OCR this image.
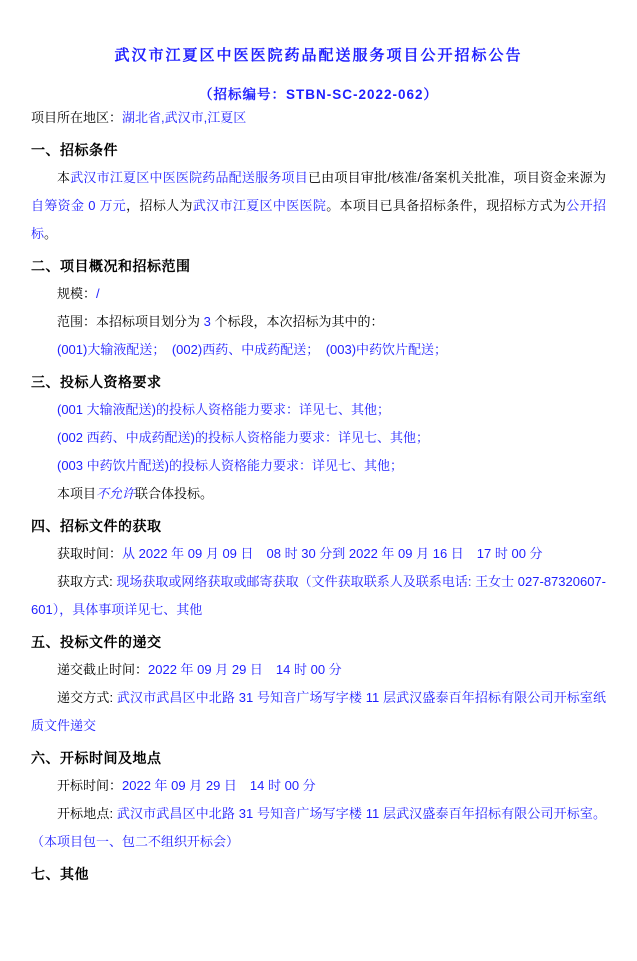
武汉市江夏区中医医院药品配送服务项目公开招标公告

（招标编号：STBN-SC-2022-062）

项目所在地区：湖北省,武汉市,江夏区

一、招标条件

本武汉市江夏区中医医院药品配送服务项目已由项目审批/核准/备案机关批准，项目资金来源为自筹资金 0 万元，招标人为武汉市江夏区中医医院。本项目已具备招标条件，现招标方式为公开招标。

二、项目概况和招标范围

规模：/

范围：本招标项目划分为 3 个标段，本次招标为其中的：

(001)大输液配送；　(002)西药、中成药配送；　(003)中药饮片配送；

三、投标人资格要求

(001 大输液配送)的投标人资格能力要求：详见七、其他；

(002 西药、中成药配送)的投标人资格能力要求：详见七、其他；

(003 中药饮片配送)的投标人资格能力要求：详见七、其他；

本项目不允许联合体投标。

四、招标文件的获取

获取时间：从 2022 年 09 月 09 日　08 时 30 分到 2022 年 09 月 16 日　17 时 00 分

获取方式: 现场获取或网络获取或邮寄获取（文件获取联系人及联系电话: 王女士 027-87320607-601），具体事项详见七、其他

五、投标文件的递交

递交截止时间：2022 年 09 月 29 日　14 时 00 分

递交方式: 武汉市武昌区中北路 31 号知音广场写字楼 11 层武汉盛泰百年招标有限公司开标室纸质文件递交

六、开标时间及地点

开标时间：2022 年 09 月 29 日　14 时 00 分

开标地点: 武汉市武昌区中北路 31 号知音广场写字楼 11 层武汉盛泰百年招标有限公司开标室。（本项目包一、包二不组织开标会）

七、其他
